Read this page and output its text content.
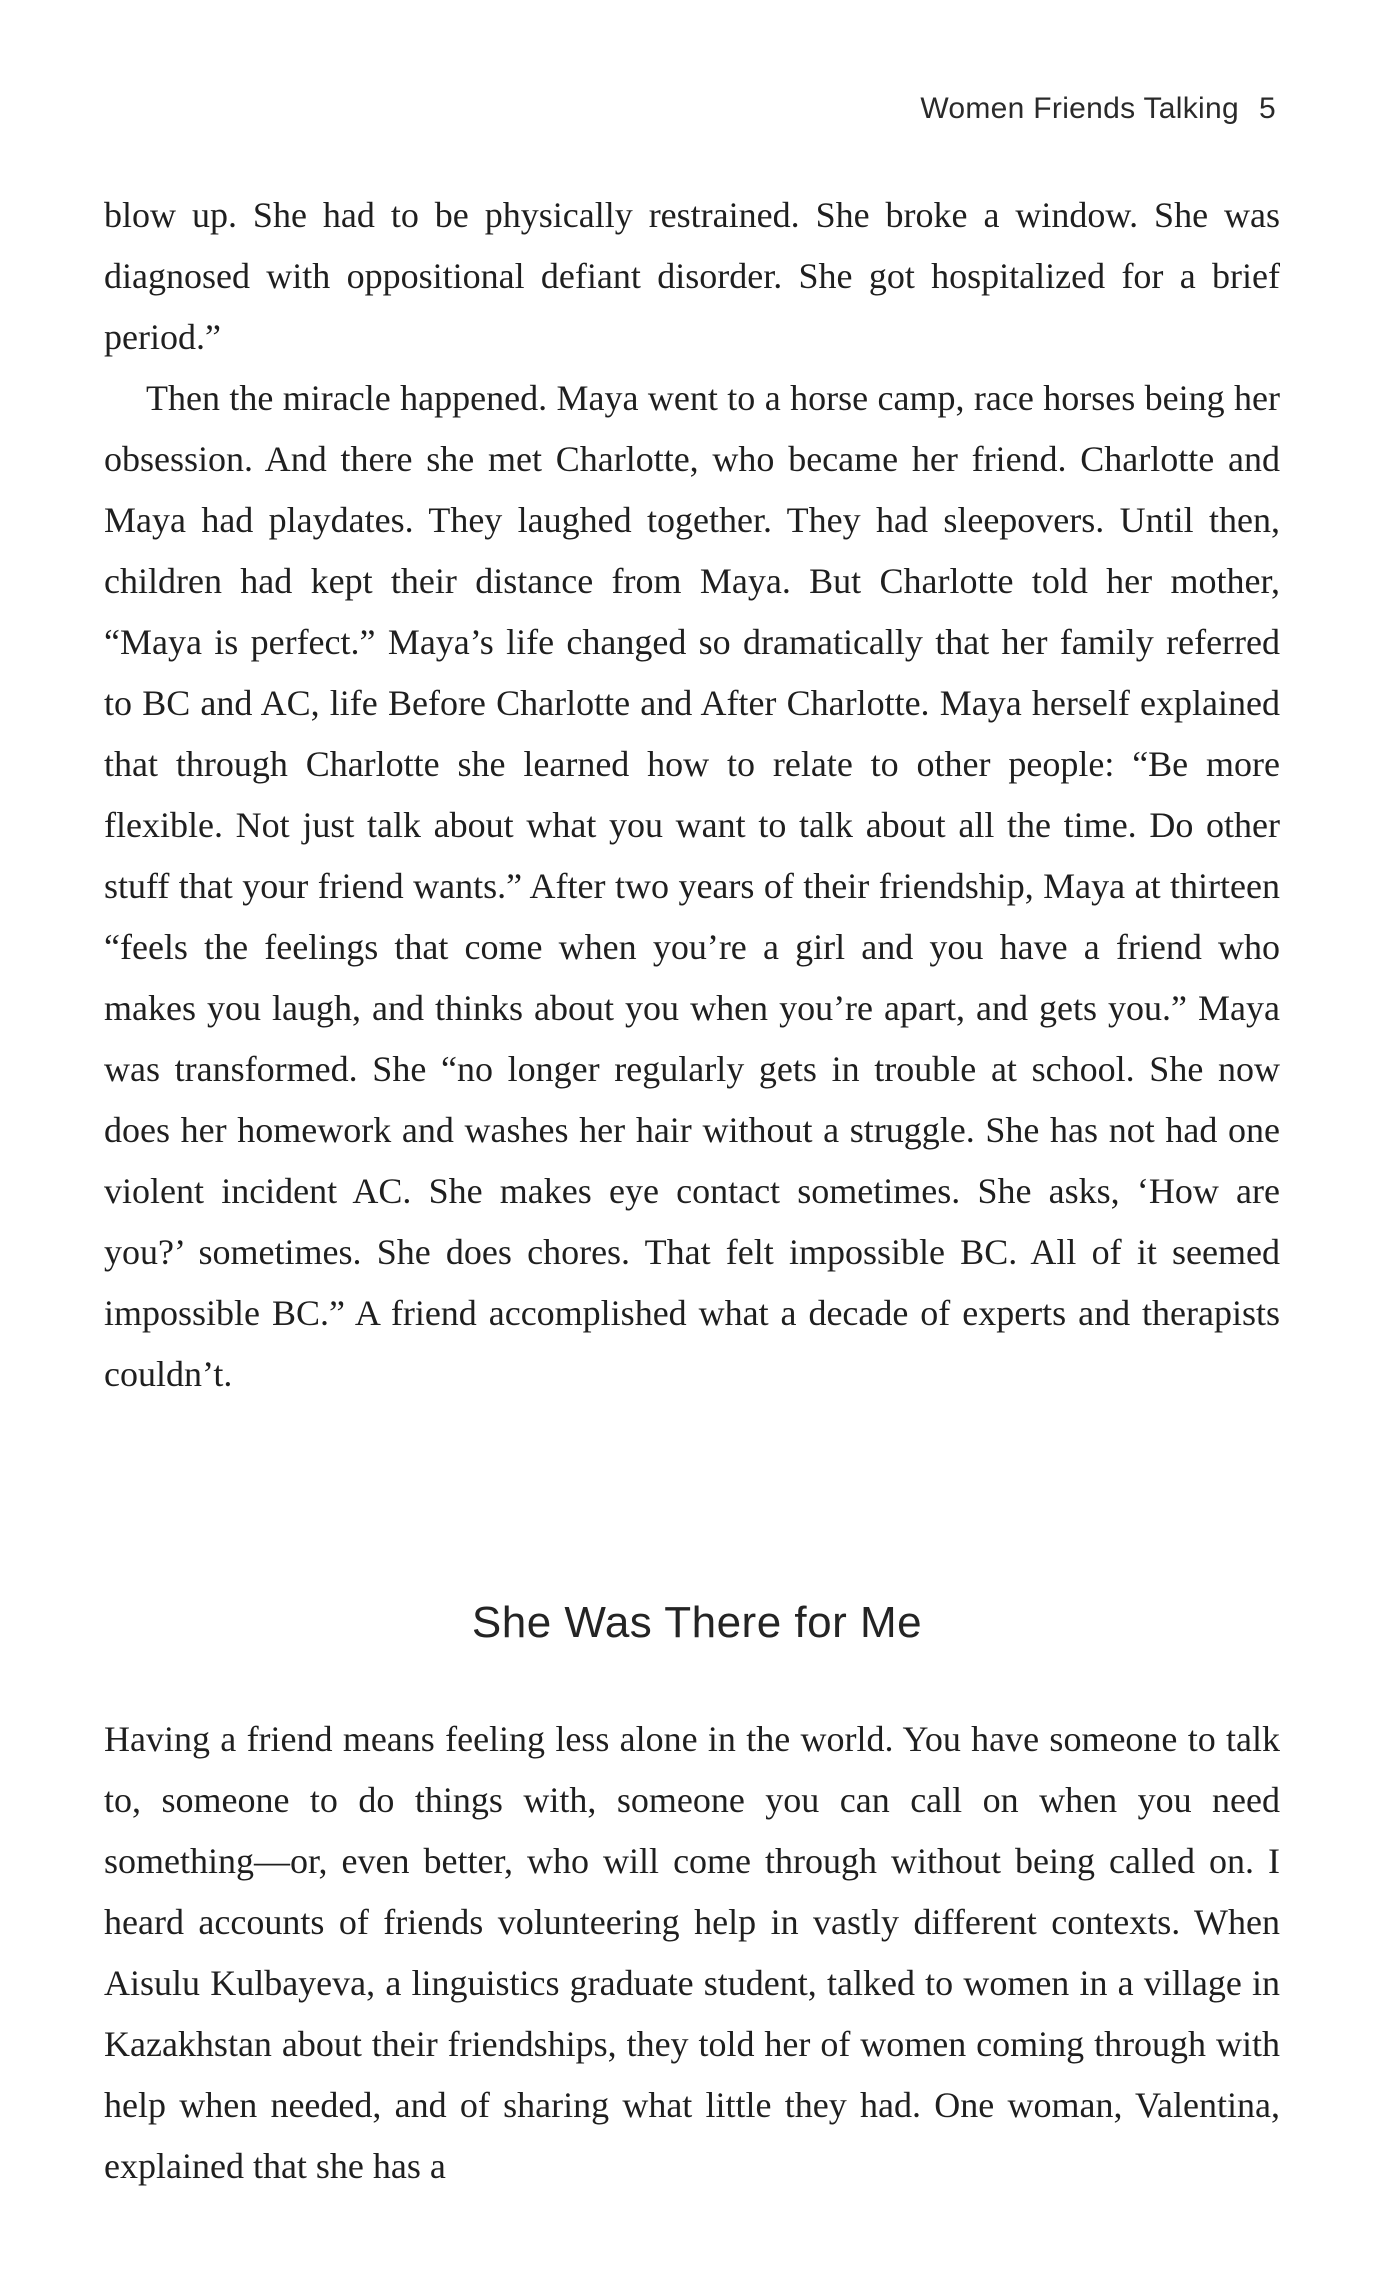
Women Friends Talking 5

blow up. She had to be physically restrained. She broke a window. She was diagnosed with oppositional defiant disorder. She got hospitalized for a brief period.”

Then the miracle happened. Maya went to a horse camp, race horses being her obsession. And there she met Charlotte, who became her friend. Charlotte and Maya had playdates. They laughed together. They had sleepovers. Until then, children had kept their distance from Maya. But Charlotte told her mother, “Maya is perfect.” Maya’s life changed so dramatically that her family referred to BC and AC, life Before Charlotte and After Charlotte. Maya herself explained that through Charlotte she learned how to relate to other people: “Be more flexible. Not just talk about what you want to talk about all the time. Do other stuff that your friend wants.” After two years of their friendship, Maya at thirteen “feels the feelings that come when you’re a girl and you have a friend who makes you laugh, and thinks about you when you’re apart, and gets you.” Maya was transformed. She “no longer regularly gets in trouble at school. She now does her homework and washes her hair without a struggle. She has not had one violent incident AC. She makes eye contact sometimes. She asks, ‘How are you?’ sometimes. She does chores. That felt impossible BC. All of it seemed impossible BC.” A friend accomplished what a decade of experts and therapists couldn’t.

She Was There for Me

Having a friend means feeling less alone in the world. You have someone to talk to, someone to do things with, someone you can call on when you need something—or, even better, who will come through without being called on. I heard accounts of friends volunteering help in vastly different contexts. When Aisulu Kulbayeva, a linguistics graduate student, talked to women in a village in Kazakhstan about their friendships, they told her of women coming through with help when needed, and of sharing what little they had. One woman, Valentina, explained that she has a
